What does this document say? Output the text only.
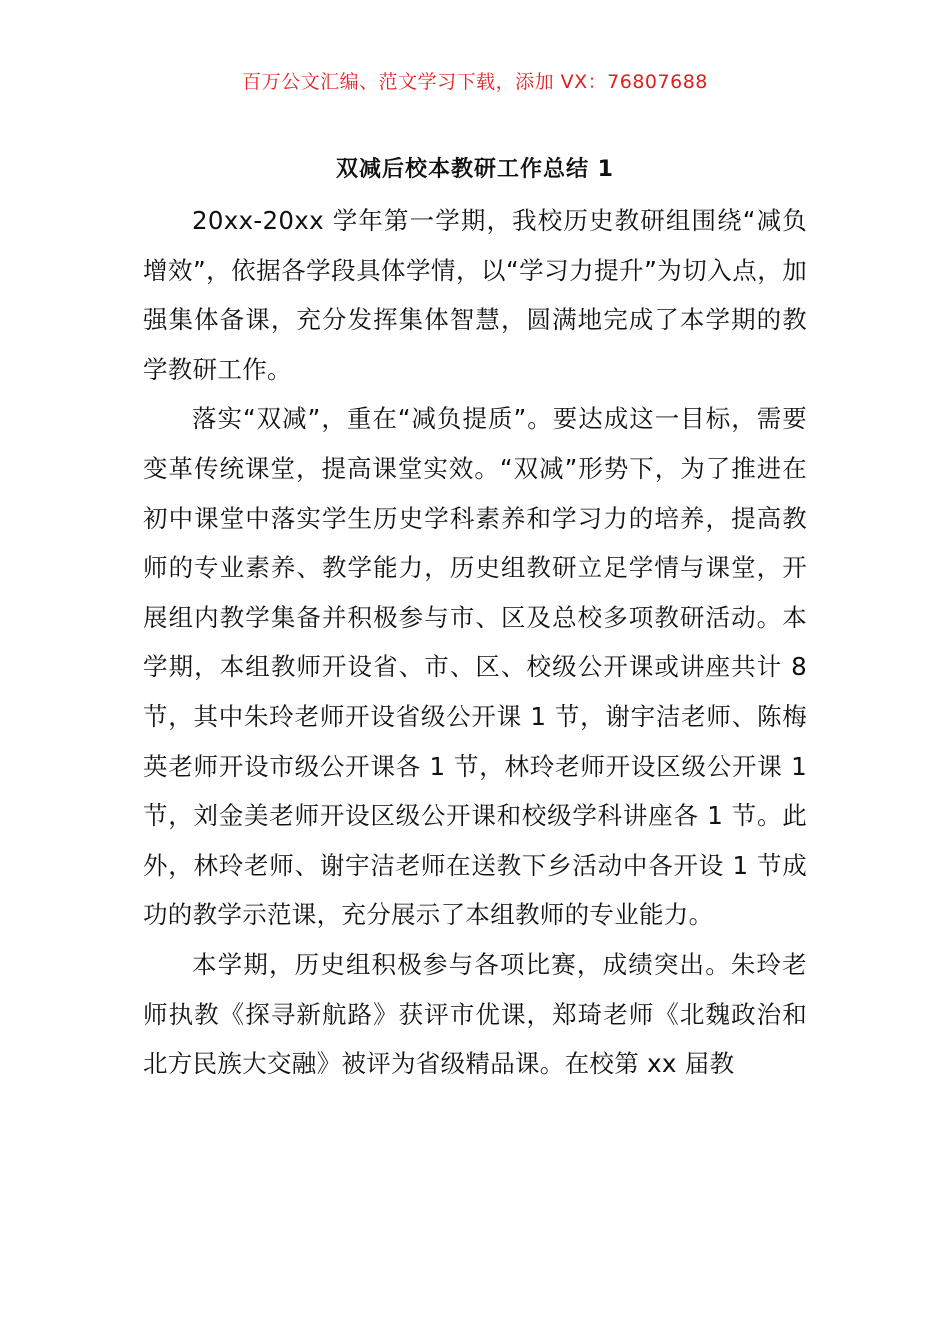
百万公文汇编、范文学习下载，添加 VX：76807688
双减后校本教研工作总结 1

20xx-20xx 学年第一学期，我校历史教研组围绕“减负增效”，依据各学段具体学情，以“学习力提升”为切入点，加强集体备课，充分发挥集体智慧，圆满地完成了本学期的教学教研工作。

落实“双减”，重在“减负提质”。要达成这一目标，需要变革传统课堂，提高课堂实效。“双减”形势下，为了推进在初中课堂中落实学生历史学科素养和学习力的培养，提高教师的专业素养、教学能力，历史组教研立足学情与课堂，开展组内教学集备并积极参与市、区及总校多项教研活动。本学期，本组教师开设省、市、区、校级公开课或讲座共计 8 节，其中朱玲老师开设省级公开课 1 节，谢宇洁老师、陈梅英老师开设市级公开课各 1 节，林玲老师开设区级公开课 1 节，刘金美老师开设区级公开课和校级学科讲座各 1 节。此外，林玲老师、谢宇洁老师在送教下乡活动中各开设 1 节成功的教学示范课，充分展示了本组教师的专业能力。

本学期，历史组积极参与各项比赛，成绩突出。朱玲老师执教《探寻新航路》获评市优课，郑琦老师《北魏政治和北方民族大交融》被评为省级精品课。在校第 xx 届教
